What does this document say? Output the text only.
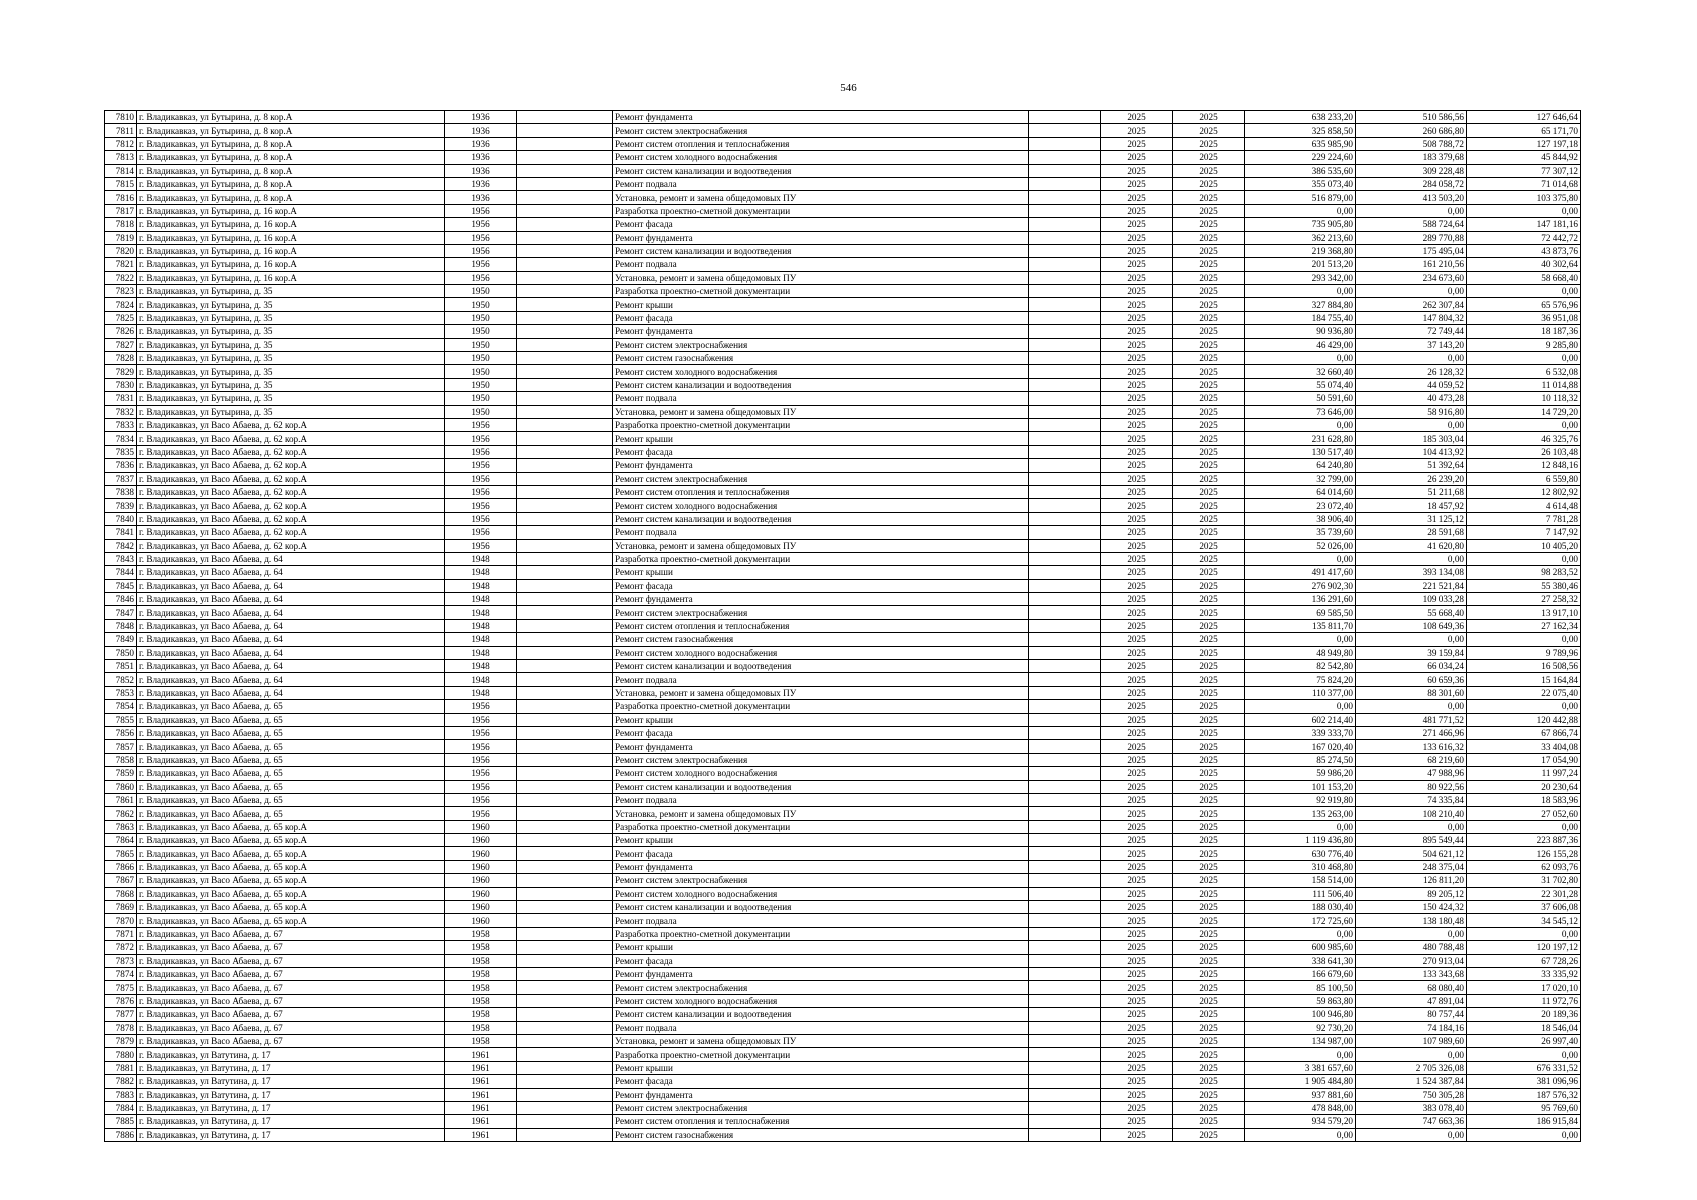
546
7810	г. Владикавказ, ул Бутырина, д. 8 кор.А	1936		Ремонт фундамента		2025	2025	638 233,20	510 586,56	127 646,64
7811	г. Владикавказ, ул Бутырина, д. 8 кор.А	1936		Ремонт систем электроснабжения		2025	2025	325 858,50	260 686,80	65 171,70
7812	г. Владикавказ, ул Бутырина, д. 8 кор.А	1936		Ремонт систем отопления и теплоснабжения		2025	2025	635 985,90	508 788,72	127 197,18
7813	г. Владикавказ, ул Бутырина, д. 8 кор.А	1936		Ремонт систем холодного водоснабжения		2025	2025	229 224,60	183 379,68	45 844,92
7814	г. Владикавказ, ул Бутырина, д. 8 кор.А	1936		Ремонт систем канализации и водоотведения		2025	2025	386 535,60	309 228,48	77 307,12
7815	г. Владикавказ, ул Бутырина, д. 8 кор.А	1936		Ремонт подвала		2025	2025	355 073,40	284 058,72	71 014,68
7816	г. Владикавказ, ул Бутырина, д. 8 кор.А	1936		Установка, ремонт и замена общедомовых ПУ		2025	2025	516 879,00	413 503,20	103 375,80
7817	г. Владикавказ, ул Бутырина, д. 16 кор.А	1956		Разработка проектно-сметной документации		2025	2025	0,00	0,00	0,00
7818	г. Владикавказ, ул Бутырина, д. 16 кор.А	1956		Ремонт фасада		2025	2025	735 905,80	588 724,64	147 181,16
7819	г. Владикавказ, ул Бутырина, д. 16 кор.А	1956		Ремонт фундамента		2025	2025	362 213,60	289 770,88	72 442,72
7820	г. Владикавказ, ул Бутырина, д. 16 кор.А	1956		Ремонт систем канализации и водоотведения		2025	2025	219 368,80	175 495,04	43 873,76
7821	г. Владикавказ, ул Бутырина, д. 16 кор.А	1956		Ремонт подвала		2025	2025	201 513,20	161 210,56	40 302,64
7822	г. Владикавказ, ул Бутырина, д. 16 кор.А	1956		Установка, ремонт и замена общедомовых ПУ		2025	2025	293 342,00	234 673,60	58 668,40
7823	г. Владикавказ, ул Бутырина, д. 35	1950		Разработка проектно-сметной документации		2025	2025	0,00	0,00	0,00
7824	г. Владикавказ, ул Бутырина, д. 35	1950		Ремонт крыши		2025	2025	327 884,80	262 307,84	65 576,96
7825	г. Владикавказ, ул Бутырина, д. 35	1950		Ремонт фасада		2025	2025	184 755,40	147 804,32	36 951,08
7826	г. Владикавказ, ул Бутырина, д. 35	1950		Ремонт фундамента		2025	2025	90 936,80	72 749,44	18 187,36
7827	г. Владикавказ, ул Бутырина, д. 35	1950		Ремонт систем электроснабжения		2025	2025	46 429,00	37 143,20	9 285,80
7828	г. Владикавказ, ул Бутырина, д. 35	1950		Ремонт систем газоснабжения		2025	2025	0,00	0,00	0,00
7829	г. Владикавказ, ул Бутырина, д. 35	1950		Ремонт систем холодного водоснабжения		2025	2025	32 660,40	26 128,32	6 532,08
7830	г. Владикавказ, ул Бутырина, д. 35	1950		Ремонт систем канализации и водоотведения		2025	2025	55 074,40	44 059,52	11 014,88
7831	г. Владикавказ, ул Бутырина, д. 35	1950		Ремонт подвала		2025	2025	50 591,60	40 473,28	10 118,32
7832	г. Владикавказ, ул Бутырина, д. 35	1950		Установка, ремонт и замена общедомовых ПУ		2025	2025	73 646,00	58 916,80	14 729,20
7833	г. Владикавказ, ул Васо Абаева, д. 62 кор.А	1956		Разработка проектно-сметной документации		2025	2025	0,00	0,00	0,00
7834	г. Владикавказ, ул Васо Абаева, д. 62 кор.А	1956		Ремонт крыши		2025	2025	231 628,80	185 303,04	46 325,76
7835	г. Владикавказ, ул Васо Абаева, д. 62 кор.А	1956		Ремонт фасада		2025	2025	130 517,40	104 413,92	26 103,48
7836	г. Владикавказ, ул Васо Абаева, д. 62 кор.А	1956		Ремонт фундамента		2025	2025	64 240,80	51 392,64	12 848,16
7837	г. Владикавказ, ул Васо Абаева, д. 62 кор.А	1956		Ремонт систем электроснабжения		2025	2025	32 799,00	26 239,20	6 559,80
7838	г. Владикавказ, ул Васо Абаева, д. 62 кор.А	1956		Ремонт систем отопления и теплоснабжения		2025	2025	64 014,60	51 211,68	12 802,92
7839	г. Владикавказ, ул Васо Абаева, д. 62 кор.А	1956		Ремонт систем холодного водоснабжения		2025	2025	23 072,40	18 457,92	4 614,48
7840	г. Владикавказ, ул Васо Абаева, д. 62 кор.А	1956		Ремонт систем канализации и водоотведения		2025	2025	38 906,40	31 125,12	7 781,28
7841	г. Владикавказ, ул Васо Абаева, д. 62 кор.А	1956		Ремонт подвала		2025	2025	35 739,60	28 591,68	7 147,92
7842	г. Владикавказ, ул Васо Абаева, д. 62 кор.А	1956		Установка, ремонт и замена общедомовых ПУ		2025	2025	52 026,00	41 620,80	10 405,20
7843	г. Владикавказ, ул Васо Абаева, д. 64	1948		Разработка проектно-сметной документации		2025	2025	0,00	0,00	0,00
7844	г. Владикавказ, ул Васо Абаева, д. 64	1948		Ремонт крыши		2025	2025	491 417,60	393 134,08	98 283,52
7845	г. Владикавказ, ул Васо Абаева, д. 64	1948		Ремонт фасада		2025	2025	276 902,30	221 521,84	55 380,46
7846	г. Владикавказ, ул Васо Абаева, д. 64	1948		Ремонт фундамента		2025	2025	136 291,60	109 033,28	27 258,32
7847	г. Владикавказ, ул Васо Абаева, д. 64	1948		Ремонт систем электроснабжения		2025	2025	69 585,50	55 668,40	13 917,10
7848	г. Владикавказ, ул Васо Абаева, д. 64	1948		Ремонт систем отопления и теплоснабжения		2025	2025	135 811,70	108 649,36	27 162,34
7849	г. Владикавказ, ул Васо Абаева, д. 64	1948		Ремонт систем газоснабжения		2025	2025	0,00	0,00	0,00
7850	г. Владикавказ, ул Васо Абаева, д. 64	1948		Ремонт систем холодного водоснабжения		2025	2025	48 949,80	39 159,84	9 789,96
7851	г. Владикавказ, ул Васо Абаева, д. 64	1948		Ремонт систем канализации и водоотведения		2025	2025	82 542,80	66 034,24	16 508,56
7852	г. Владикавказ, ул Васо Абаева, д. 64	1948		Ремонт подвала		2025	2025	75 824,20	60 659,36	15 164,84
7853	г. Владикавказ, ул Васо Абаева, д. 64	1948		Установка, ремонт и замена общедомовых ПУ		2025	2025	110 377,00	88 301,60	22 075,40
7854	г. Владикавказ, ул Васо Абаева, д. 65	1956		Разработка проектно-сметной документации		2025	2025	0,00	0,00	0,00
7855	г. Владикавказ, ул Васо Абаева, д. 65	1956		Ремонт крыши		2025	2025	602 214,40	481 771,52	120 442,88
7856	г. Владикавказ, ул Васо Абаева, д. 65	1956		Ремонт фасада		2025	2025	339 333,70	271 466,96	67 866,74
7857	г. Владикавказ, ул Васо Абаева, д. 65	1956		Ремонт фундамента		2025	2025	167 020,40	133 616,32	33 404,08
7858	г. Владикавказ, ул Васо Абаева, д. 65	1956		Ремонт систем электроснабжения		2025	2025	85 274,50	68 219,60	17 054,90
7859	г. Владикавказ, ул Васо Абаева, д. 65	1956		Ремонт систем холодного водоснабжения		2025	2025	59 986,20	47 988,96	11 997,24
7860	г. Владикавказ, ул Васо Абаева, д. 65	1956		Ремонт систем канализации и водоотведения		2025	2025	101 153,20	80 922,56	20 230,64
7861	г. Владикавказ, ул Васо Абаева, д. 65	1956		Ремонт подвала		2025	2025	92 919,80	74 335,84	18 583,96
7862	г. Владикавказ, ул Васо Абаева, д. 65	1956		Установка, ремонт и замена общедомовых ПУ		2025	2025	135 263,00	108 210,40	27 052,60
7863	г. Владикавказ, ул Васо Абаева, д. 65 кор.А	1960		Разработка проектно-сметной документации		2025	2025	0,00	0,00	0,00
7864	г. Владикавказ, ул Васо Абаева, д. 65 кор.А	1960		Ремонт крыши		2025	2025	1 119 436,80	895 549,44	223 887,36
7865	г. Владикавказ, ул Васо Абаева, д. 65 кор.А	1960		Ремонт фасада		2025	2025	630 776,40	504 621,12	126 155,28
7866	г. Владикавказ, ул Васо Абаева, д. 65 кор.А	1960		Ремонт фундамента		2025	2025	310 468,80	248 375,04	62 093,76
7867	г. Владикавказ, ул Васо Абаева, д. 65 кор.А	1960		Ремонт систем электроснабжения		2025	2025	158 514,00	126 811,20	31 702,80
7868	г. Владикавказ, ул Васо Абаева, д. 65 кор.А	1960		Ремонт систем холодного водоснабжения		2025	2025	111 506,40	89 205,12	22 301,28
7869	г. Владикавказ, ул Васо Абаева, д. 65 кор.А	1960		Ремонт систем канализации и водоотведения		2025	2025	188 030,40	150 424,32	37 606,08
7870	г. Владикавказ, ул Васо Абаева, д. 65 кор.А	1960		Ремонт подвала		2025	2025	172 725,60	138 180,48	34 545,12
7871	г. Владикавказ, ул Васо Абаева, д. 67	1958		Разработка проектно-сметной документации		2025	2025	0,00	0,00	0,00
7872	г. Владикавказ, ул Васо Абаева, д. 67	1958		Ремонт крыши		2025	2025	600 985,60	480 788,48	120 197,12
7873	г. Владикавказ, ул Васо Абаева, д. 67	1958		Ремонт фасада		2025	2025	338 641,30	270 913,04	67 728,26
7874	г. Владикавказ, ул Васо Абаева, д. 67	1958		Ремонт фундамента		2025	2025	166 679,60	133 343,68	33 335,92
7875	г. Владикавказ, ул Васо Абаева, д. 67	1958		Ремонт систем электроснабжения		2025	2025	85 100,50	68 080,40	17 020,10
7876	г. Владикавказ, ул Васо Абаева, д. 67	1958		Ремонт систем холодного водоснабжения		2025	2025	59 863,80	47 891,04	11 972,76
7877	г. Владикавказ, ул Васо Абаева, д. 67	1958		Ремонт систем канализации и водоотведения		2025	2025	100 946,80	80 757,44	20 189,36
7878	г. Владикавказ, ул Васо Абаева, д. 67	1958		Ремонт подвала		2025	2025	92 730,20	74 184,16	18 546,04
7879	г. Владикавказ, ул Васо Абаева, д. 67	1958		Установка, ремонт и замена общедомовых ПУ		2025	2025	134 987,00	107 989,60	26 997,40
7880	г. Владикавказ, ул Ватутина, д. 17	1961		Разработка проектно-сметной документации		2025	2025	0,00	0,00	0,00
7881	г. Владикавказ, ул Ватутина, д. 17	1961		Ремонт крыши		2025	2025	3 381 657,60	2 705 326,08	676 331,52
7882	г. Владикавказ, ул Ватутина, д. 17	1961		Ремонт фасада		2025	2025	1 905 484,80	1 524 387,84	381 096,96
7883	г. Владикавказ, ул Ватутина, д. 17	1961		Ремонт фундамента		2025	2025	937 881,60	750 305,28	187 576,32
7884	г. Владикавказ, ул Ватутина, д. 17	1961		Ремонт систем электроснабжения		2025	2025	478 848,00	383 078,40	95 769,60
7885	г. Владикавказ, ул Ватутина, д. 17	1961		Ремонт систем отопления и теплоснабжения		2025	2025	934 579,20	747 663,36	186 915,84
7886	г. Владикавказ, ул Ватутина, д. 17	1961		Ремонт систем газоснабжения		2025	2025	0,00	0,00	0,00
